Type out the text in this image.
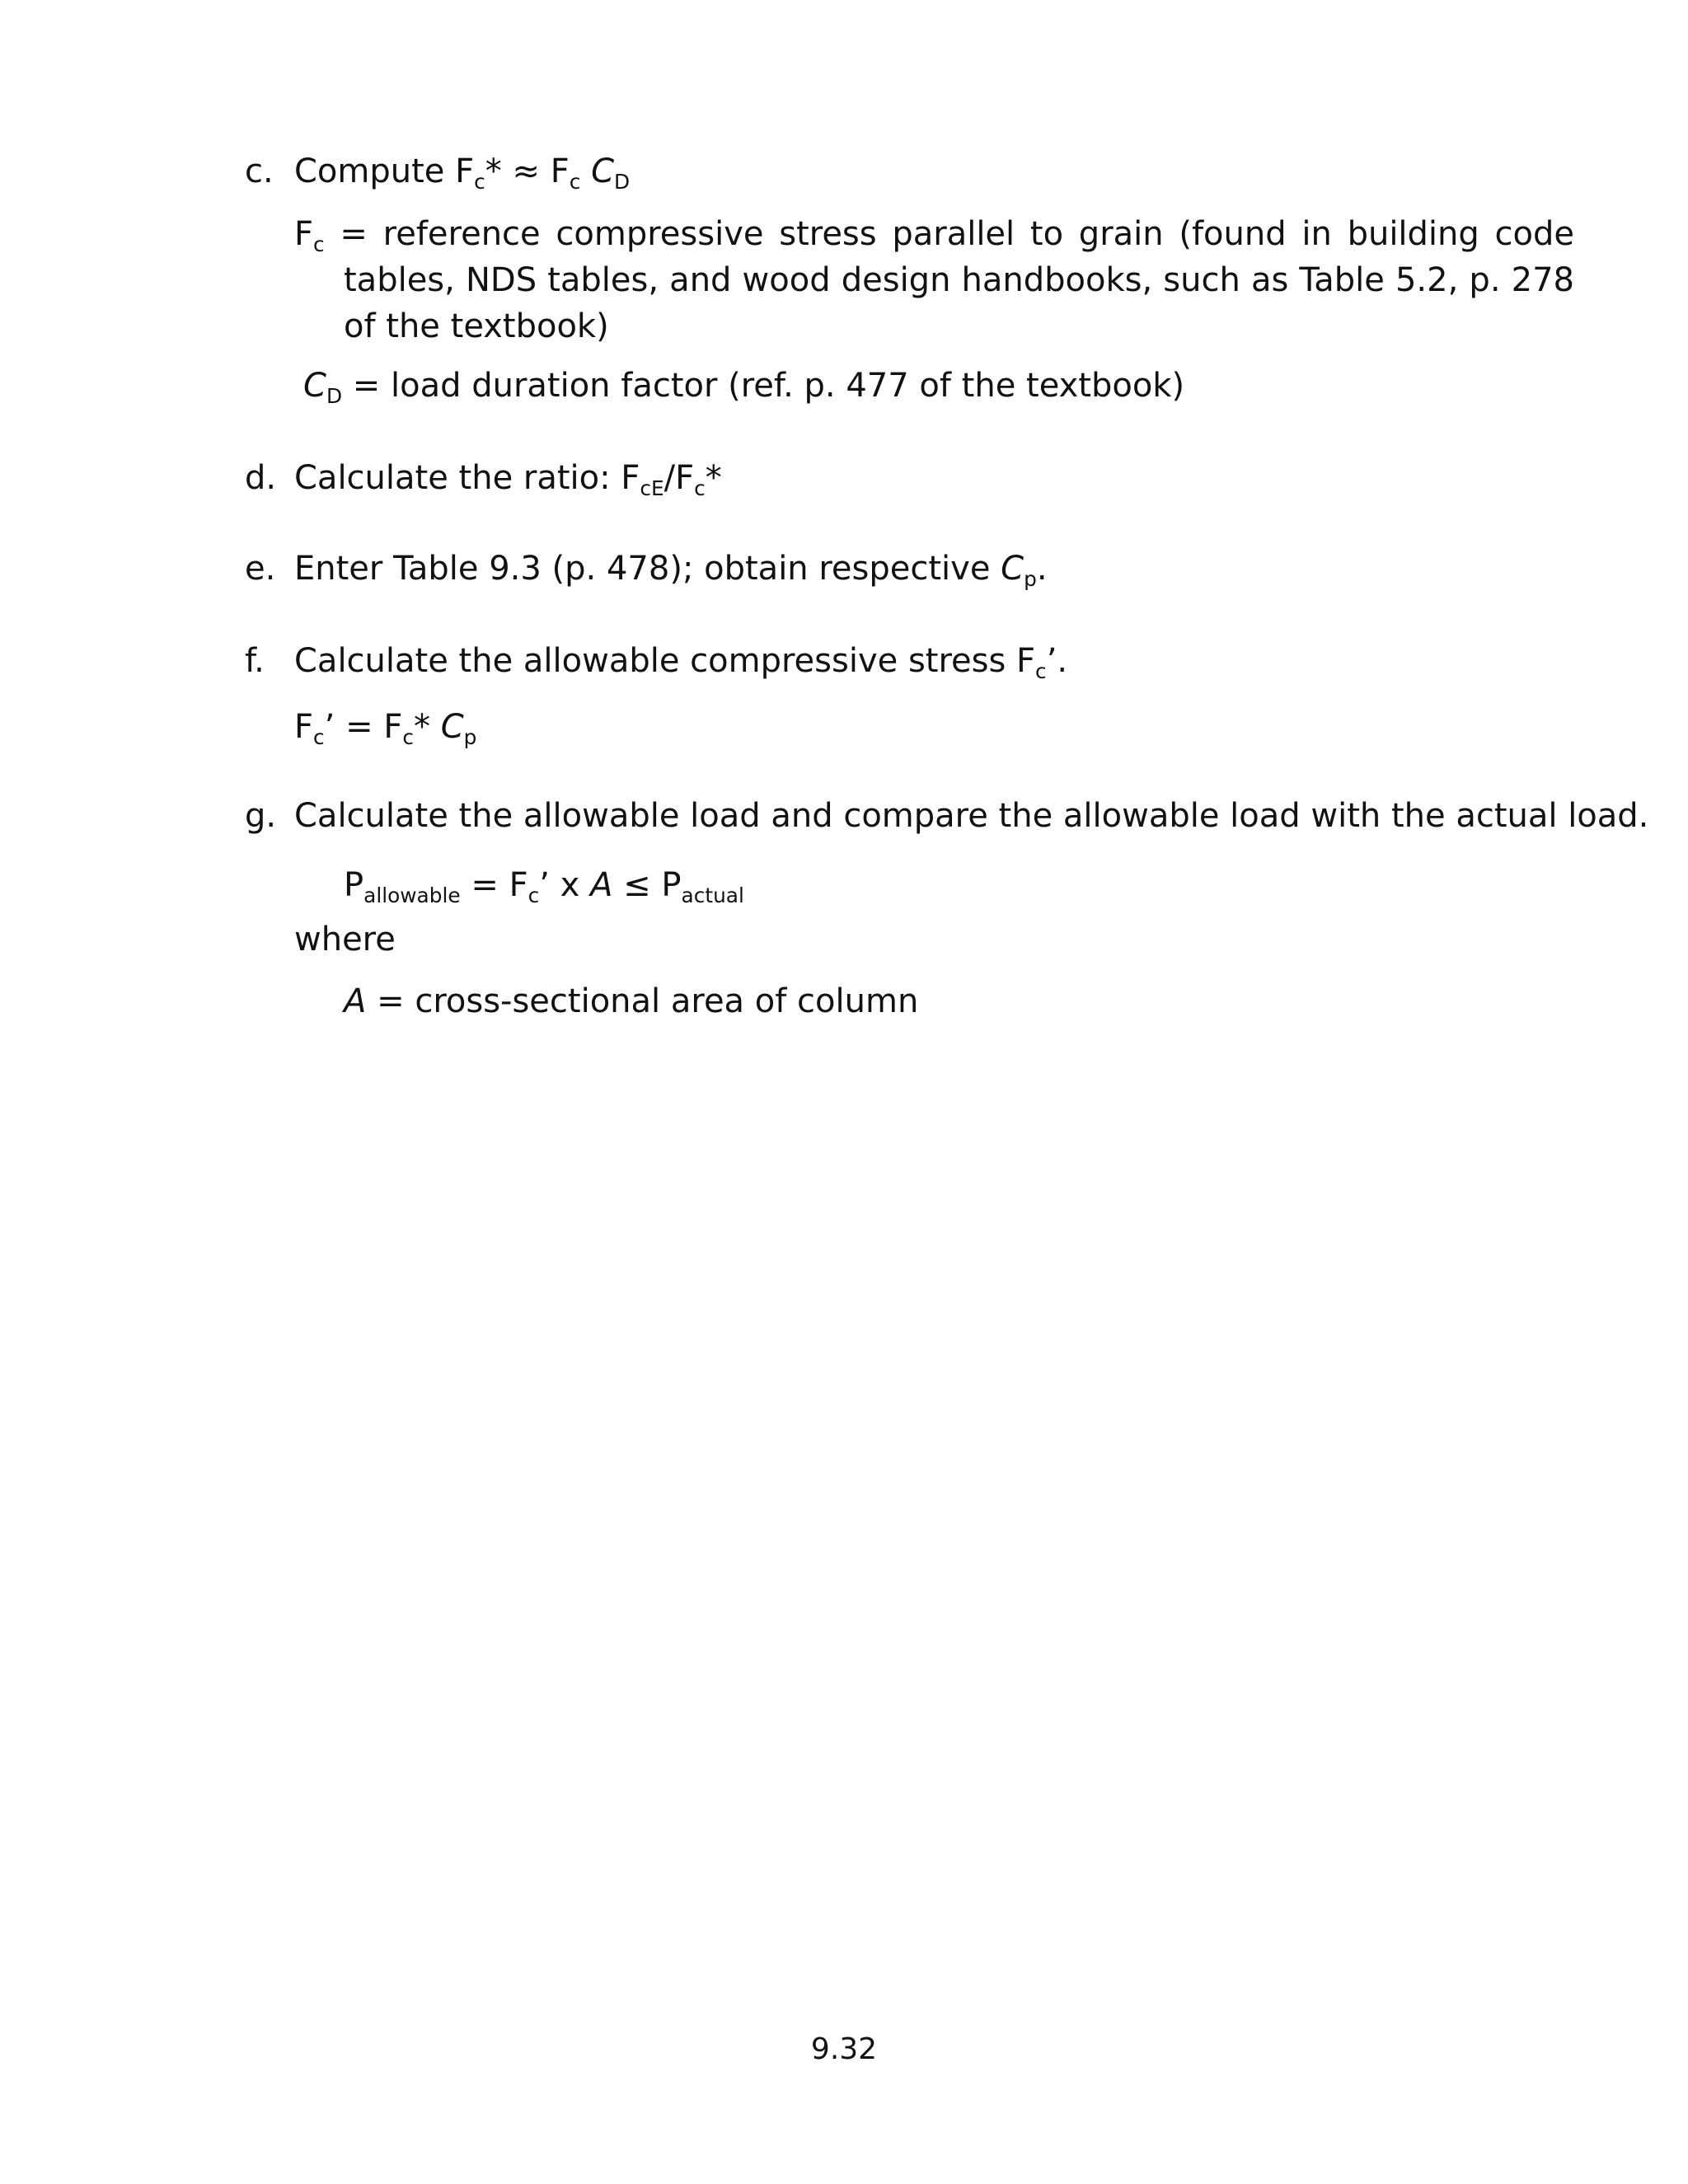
c. Compute $F_c* \approx F_c$ $C_D$
$F_c$ = reference compressive stress parallel to grain (found in building code tables, NDS tables, and wood design handbooks, such as Table 5.2, p. 278 of the textbook)
$C_D$ = load duration factor (ref. p. 477 of the textbook)
d. Calculate the ratio: $F_{cE}/F_c*$
e. Enter Table 9.3 (p. 478); obtain respective $C_p$.
f. Calculate the allowable compressive stress $F_c$’.
$F_c$’ = $F_c*$ $C_p$
g. Calculate the allowable load and compare the allowable load with the actual load.
$P_{allowable} = F_c$’ x $A \le P_{actual}$
where
A = cross-sectional area of column
9.32
